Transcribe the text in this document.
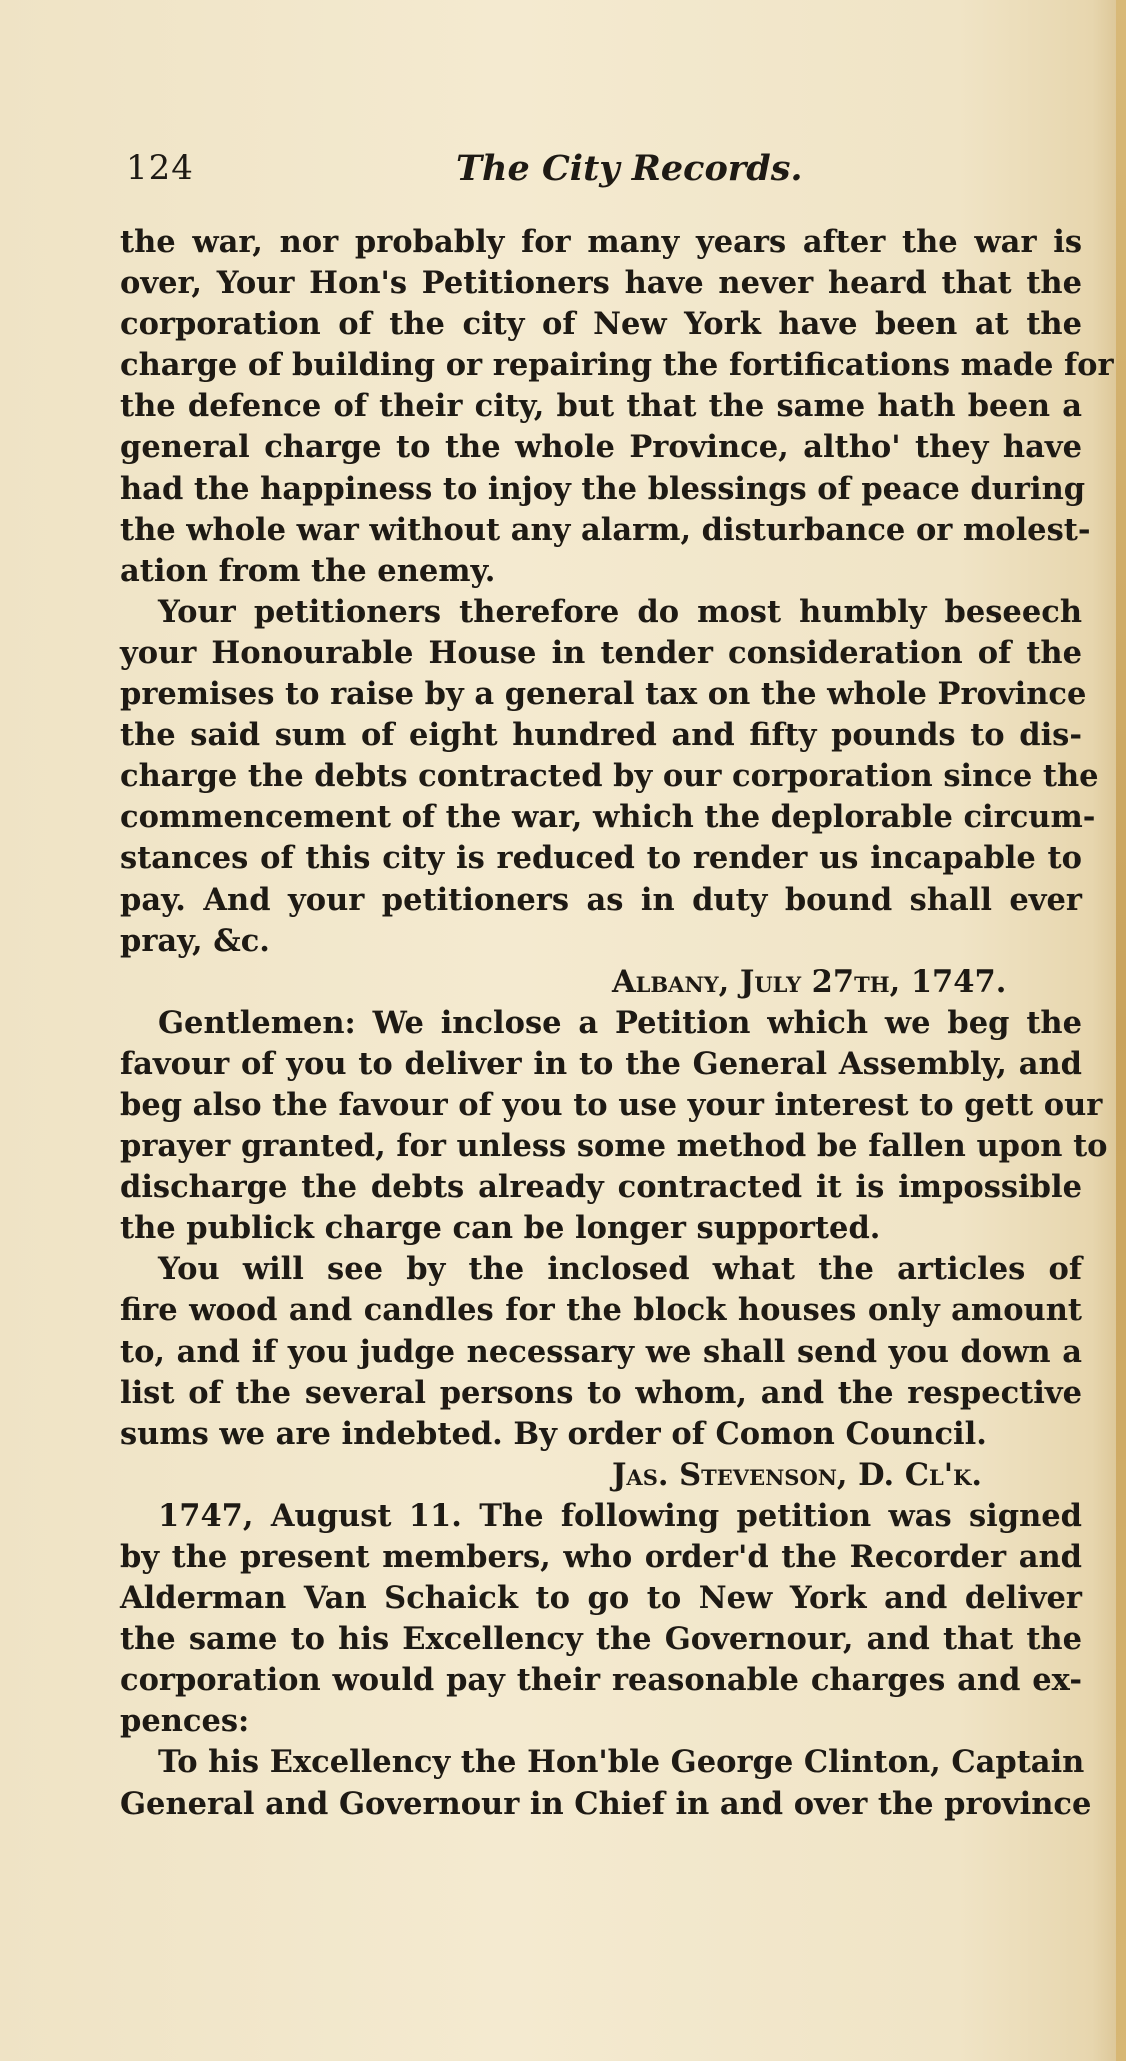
124	The City Records.
the war, nor probably for many years after the war is
over, Your Hon's Petitioners have never heard that the
corporation of the city of New York have been at the
charge of building or repairing the fortifications made for
the defence of their city, but that the same hath been a
general charge to the whole Province, altho' they have
had the happiness to injoy the blessings of peace during
the whole war without any alarm, disturbance or molest-
ation from the enemy.
Your petitioners therefore do most humbly beseech
your Honourable House in tender consideration of the
premises to raise by a general tax on the whole Province
the said sum of eight hundred and fifty pounds to dis-
charge the debts contracted by our corporation since the
commencement of the war, which the deplorable circum-
stances of this city is reduced to render us incapable to
pay. And your petitioners as in duty bound shall ever
pray, &c.
Albany, July 27th, 1747.
Gentlemen: We inclose a Petition which we beg the
favour of you to deliver in to the General Assembly, and
beg also the favour of you to use your interest to gett our
prayer granted, for unless some method be fallen upon to
discharge the debts already contracted it is impossible
the publick charge can be longer supported.
You will see by the inclosed what the articles of
fire wood and candles for the block houses only amount
to, and if you judge necessary we shall send you down a
list of the several persons to whom, and the respective
sums we are indebted. By order of Comon Council.
Jas. Stevenson, D. Cl'k.
1747, August 11. The following petition was signed
by the present members, who order'd the Recorder and
Alderman Van Schaick to go to New York and deliver
the same to his Excellency the Governour, and that the
corporation would pay their reasonable charges and ex-
pences:
To his Excellency the Hon'ble George Clinton, Captain
General and Governour in Chief in and over the province
